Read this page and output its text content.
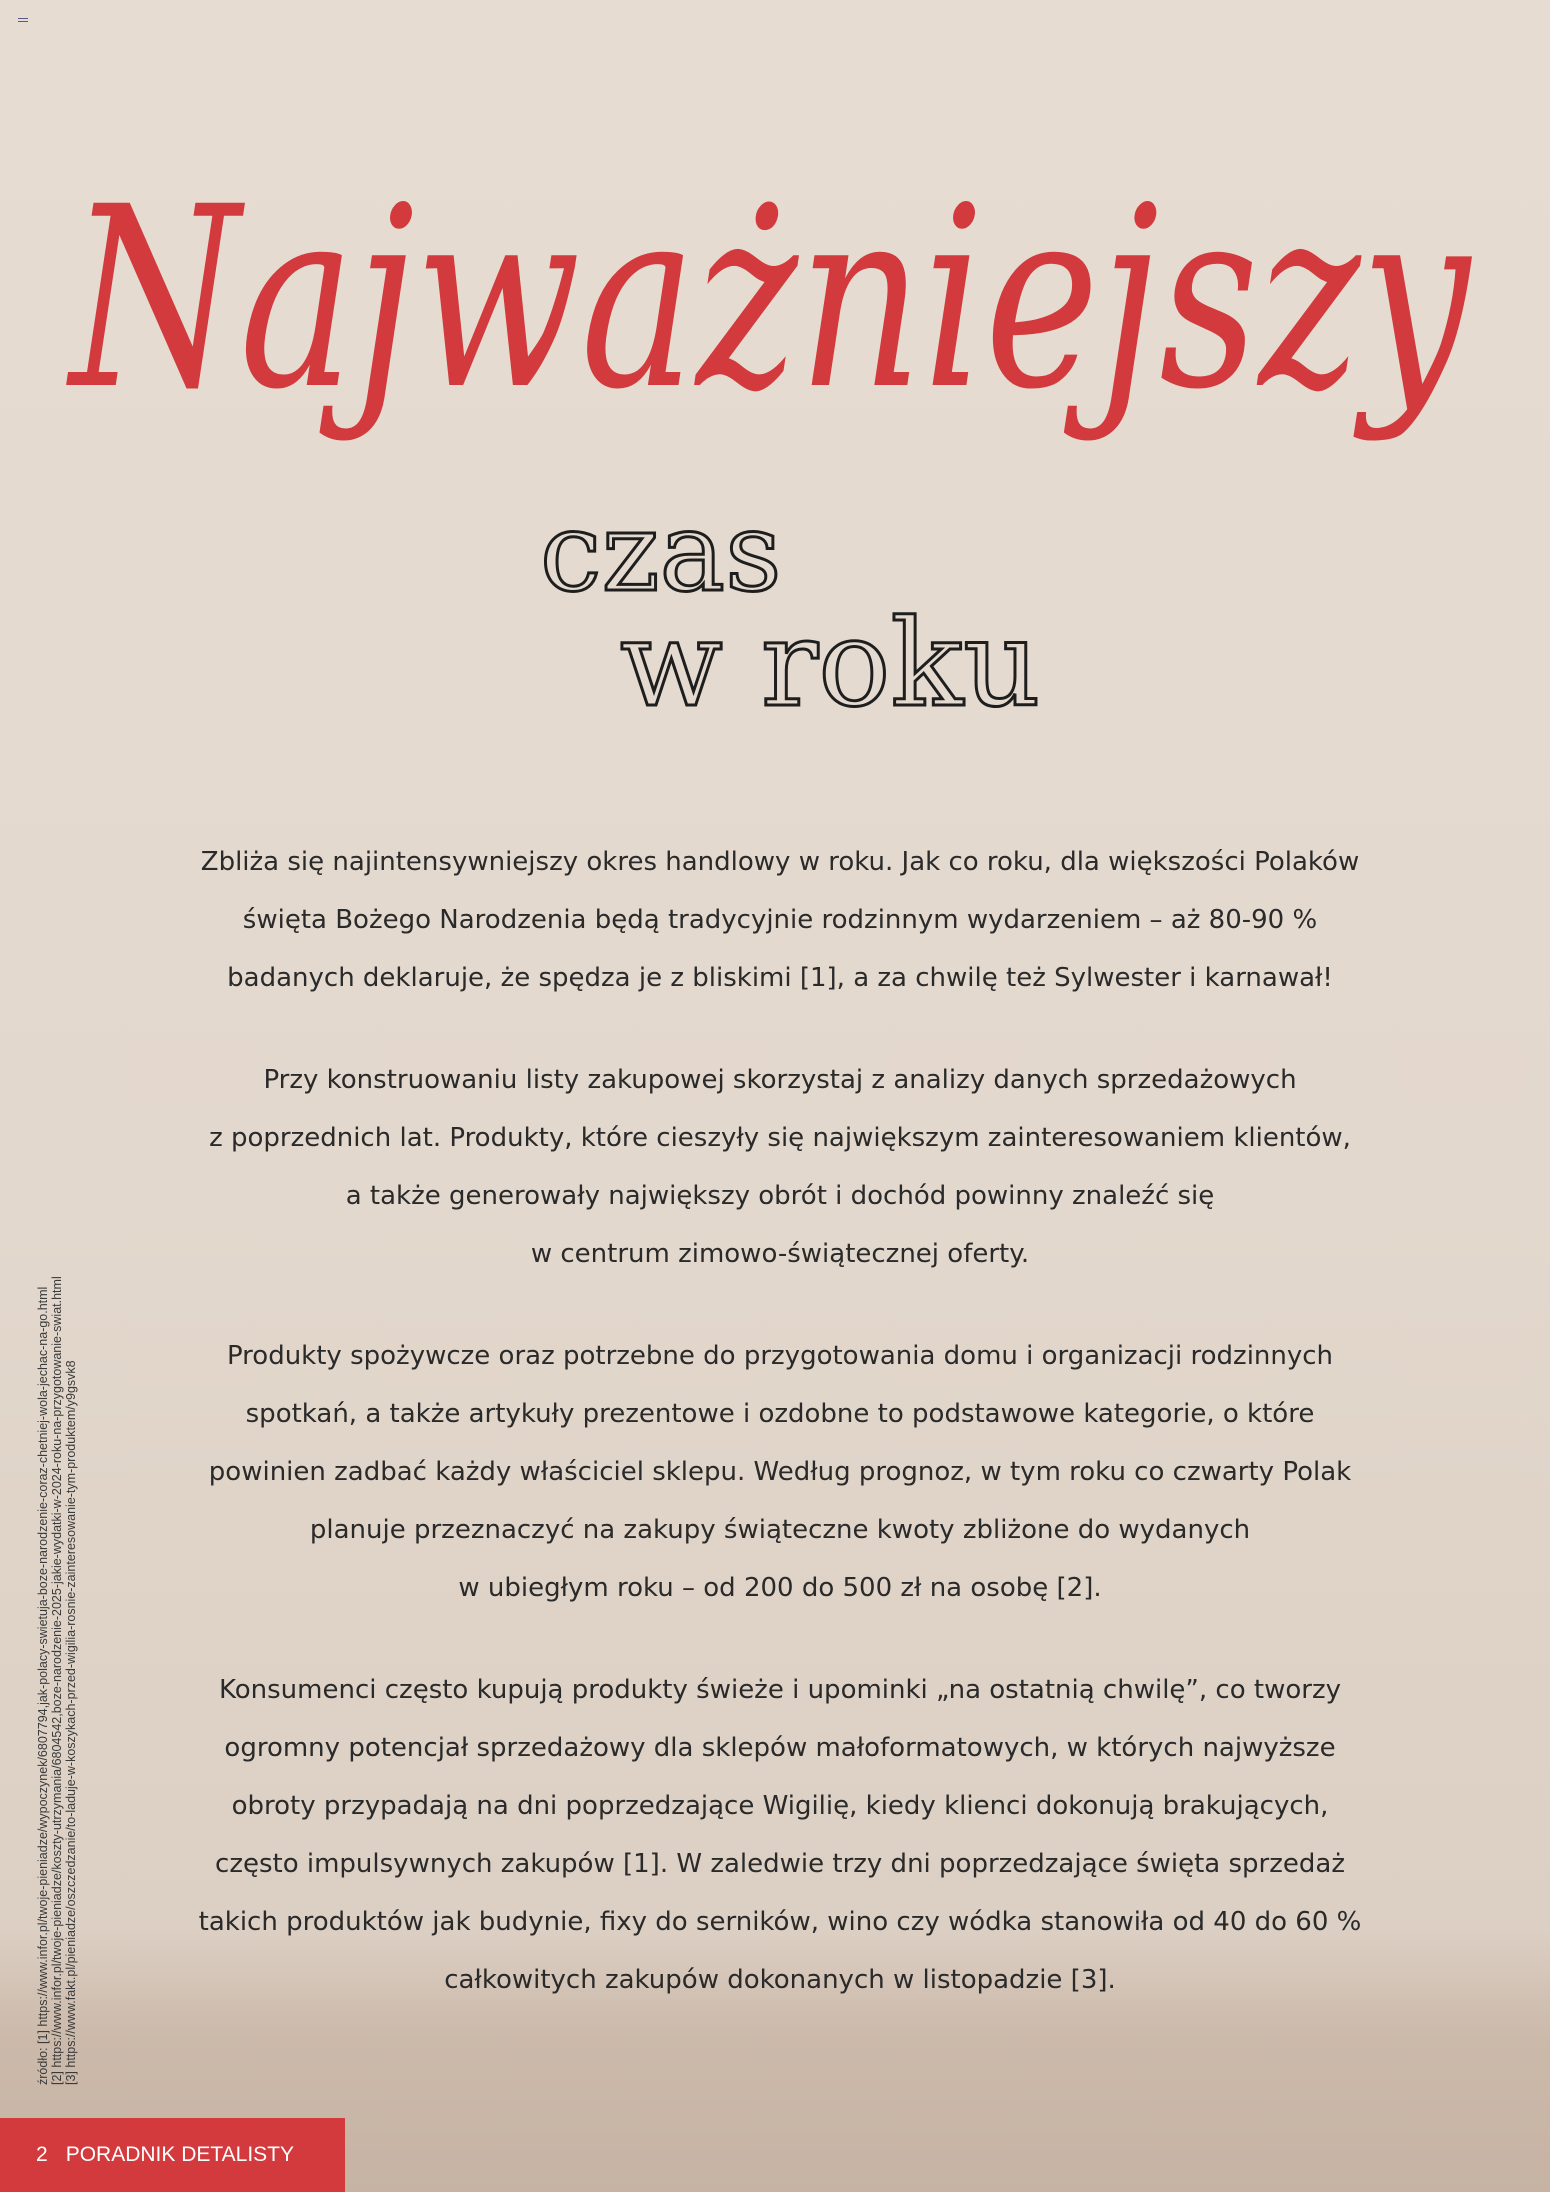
Najważniejszy
czas
w roku

Zbliża się najintensywniejszy okres handlowy w roku. Jak co roku, dla większości Polaków
święta Bożego Narodzenia będą tradycyjnie rodzinnym wydarzeniem – aż 80-90 %
badanych deklaruje, że spędza je z bliskimi [1], a za chwilę też Sylwester i karnawał!

Przy konstruowaniu listy zakupowej skorzystaj z analizy danych sprzedażowych
z poprzednich lat. Produkty, które cieszyły się największym zainteresowaniem klientów,
a także generowały największy obrót i dochód powinny znaleźć się
w centrum zimowo-świątecznej oferty.

Produkty spożywcze oraz potrzebne do przygotowania domu i organizacji rodzinnych
spotkań, a także artykuły prezentowe i ozdobne to podstawowe kategorie, o które
powinien zadbać każdy właściciel sklepu. Według prognoz, w tym roku co czwarty Polak
planuje przeznaczyć na zakupy świąteczne kwoty zbliżone do wydanych
w ubiegłym roku – od 200 do 500 zł na osobę [2].

Konsumenci często kupują produkty świeże i upominki „na ostatnią chwilę”, co tworzy
ogromny potencjał sprzedażowy dla sklepów małoformatowych, w których najwyższe
obroty przypadają na dni poprzedzające Wigilię, kiedy klienci dokonują brakujących,
często impulsywnych zakupów [1]. W zaledwie trzy dni poprzedzające święta sprzedaż
takich produktów jak budynie, fixy do serników, wino czy wódka stanowiła od 40 do 60 %
całkowitych zakupów dokonanych w listopadzie [3].

źródło: [1] https://www.infor.pl/twoje-pieniadze/wypoczynek/6807794,jak-polacy-swietuja-boze-narodzenie-coraz-chetniej-wola-jechac-na-go.html
[2] https://www.infor.pl/twoje-pieniadze/koszty-utrzymania/6804542,boze-narodzenie-2025-jakie-wydatki-w-2024-roku-na-przygotowanie-swiat.html
[3] https://www.fakt.pl/pieniadze/oszczedzanie/to-laduje-w-koszykach-przed-wigilia-rosnie-zainteresowanie-tym-produktem/y9gsvk8
2 PORADNIK DETALISTY
